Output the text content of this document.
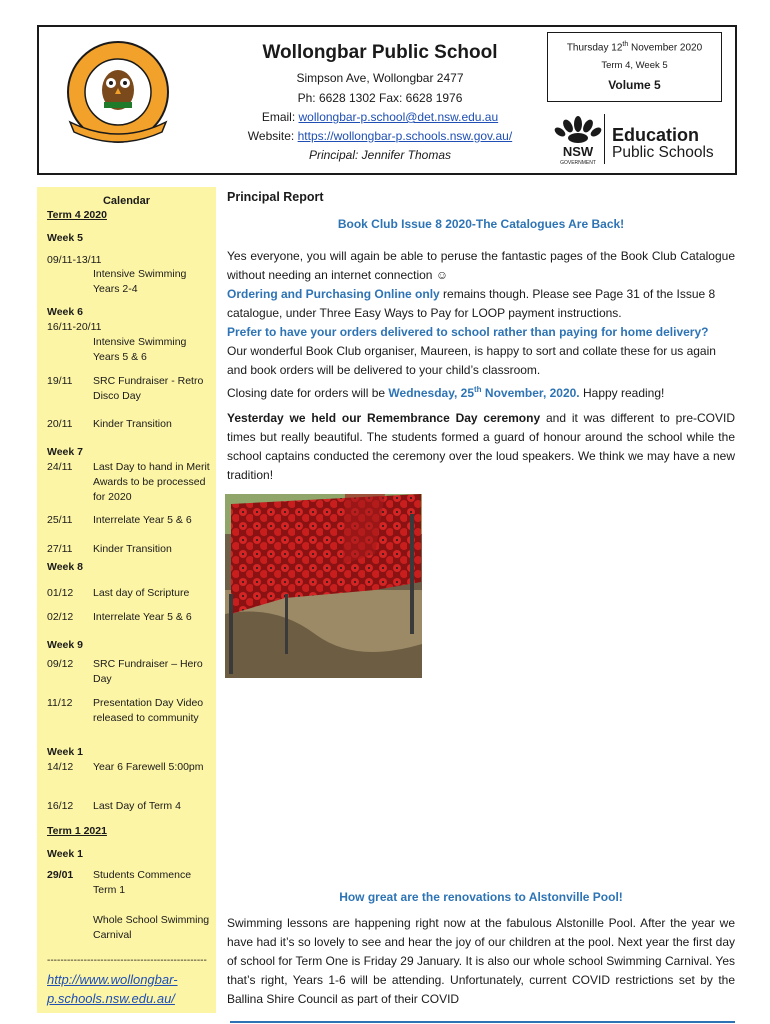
Wollongbar Public School
Simpson Ave, Wollongbar 2477
Ph: 6628 1302 Fax: 6628 1976
Email: wollongbar-p.school@det.nsw.edu.au
Website: https://wollongbar-p.schools.nsw.gov.au/
Principal: Jennifer Thomas
Thursday 12th November 2020
Term 4, Week 5
Volume 5
NSW
GOVERNMENT
Education
Public Schools
Calendar
Term 4 2020
Week 5
09/11-13/11
Intensive Swimming Years 2-4
Week 6
16/11-20/11
Intensive Swimming Years 5 & 6
19/11	SRC Fundraiser - Retro Disco Day
20/11	Kinder Transition
Week 7
24/11	Last Day to hand in Merit Awards to be processed for 2020
25/11	Interrelate Year 5 & 6
27/11	Kinder Transition
Week 8
01/12	Last day of Scripture
02/12	Interrelate Year 5 & 6
Week 9
09/12	SRC Fundraiser – Hero Day
11/12	Presentation Day Video released to community
Week 1
14/12	Year 6 Farewell 5:00pm
16/12	Last Day of Term 4
Term 1 2021
Week 1
29/01	Students Commence Term 1
Whole School Swimming Carnival
------------------------------------------------
http://www.wollongbar-p.schools.nsw.edu.au/
Principal Report
Book Club Issue 8 2020-The Catalogues Are Back!
Yes everyone, you will again be able to peruse the fantastic pages of the Book Club Catalogue without needing an internet connection ☺
Ordering and Purchasing Online only remains though. Please see Page 31 of the Issue 8 catalogue, under Three Easy Ways to Pay for LOOP payment instructions.
Prefer to have your orders delivered to school rather than paying for home delivery?
Our wonderful Book Club organiser, Maureen, is happy to sort and collate these for us again and book orders will be delivered to your child’s classroom.
Closing date for orders will be Wednesday, 25th November, 2020. Happy reading!
Yesterday we held our Remembrance Day ceremony and it was different to pre-COVID times but really beautiful. The students formed a guard of honour around the school while the school captains conducted the ceremony over the loud speakers. We think we may have a new tradition!
How great are the renovations to Alstonville Pool!
Swimming lessons are happening right now at the fabulous Alstonille Pool. After the year we have had it’s so lovely to see and hear the joy of our children at the pool. Next year the first day of school for Term One is Friday 29 January. It is also our whole school Swimming Carnival. Yes that’s right, Years 1-6 will be attending. Unfortunately, current COVID restrictions set by the Ballina Shire Council as part of their COVID
